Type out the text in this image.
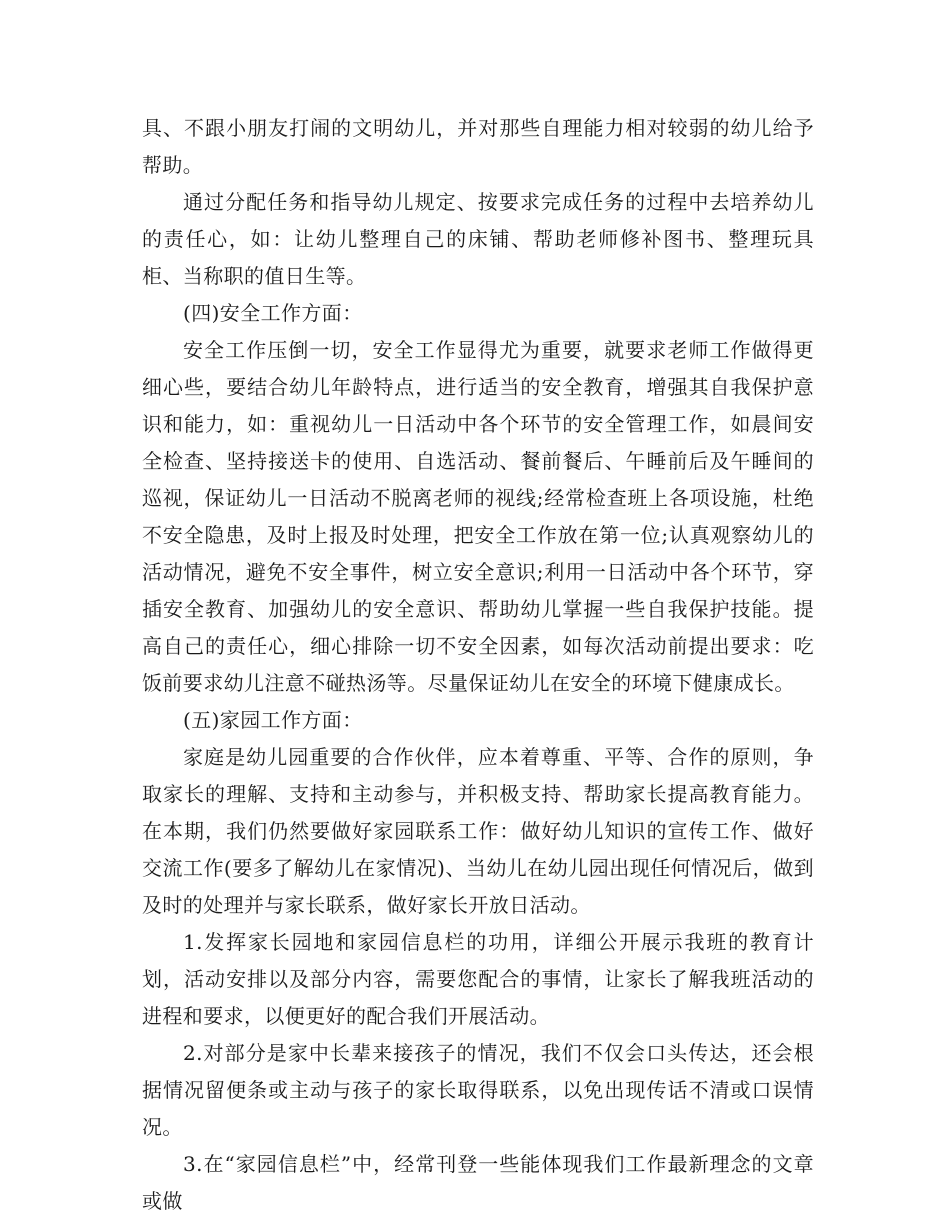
具、不跟小朋友打闹的文明幼儿，并对那些自理能力相对较弱的幼儿给予帮助。

通过分配任务和指导幼儿规定、按要求完成任务的过程中去培养幼儿的责任心，如：让幼儿整理自己的床铺、帮助老师修补图书、整理玩具柜、当称职的值日生等。

(四)安全工作方面：

安全工作压倒一切，安全工作显得尤为重要，就要求老师工作做得更细心些，要结合幼儿年龄特点，进行适当的安全教育，增强其自我保护意识和能力，如：重视幼儿一日活动中各个环节的安全管理工作，如晨间安全检查、坚持接送卡的使用、自选活动、餐前餐后、午睡前后及午睡间的巡视，保证幼儿一日活动不脱离老师的视线;经常检查班上各项设施，杜绝不安全隐患，及时上报及时处理，把安全工作放在第一位;认真观察幼儿的活动情况，避免不安全事件，树立安全意识;利用一日活动中各个环节，穿插安全教育、加强幼儿的安全意识、帮助幼儿掌握一些自我保护技能。提高自己的责任心，细心排除一切不安全因素，如每次活动前提出要求：吃饭前要求幼儿注意不碰热汤等。尽量保证幼儿在安全的环境下健康成长。

(五)家园工作方面：

家庭是幼儿园重要的合作伙伴，应本着尊重、平等、合作的原则，争取家长的理解、支持和主动参与，并积极支持、帮助家长提高教育能力。在本期，我们仍然要做好家园联系工作：做好幼儿知识的宣传工作、做好交流工作(要多了解幼儿在家情况)、当幼儿在幼儿园出现任何情况后，做到及时的处理并与家长联系，做好家长开放日活动。

1.发挥家长园地和家园信息栏的功用，详细公开展示我班的教育计划，活动安排以及部分内容，需要您配合的事情，让家长了解我班活动的进程和要求，以便更好的配合我们开展活动。

2.对部分是家中长辈来接孩子的情况，我们不仅会口头传达，还会根据情况留便条或主动与孩子的家长取得联系，以免出现传话不清或口误情况。

3.在“家园信息栏”中，经常刊登一些能体现我们工作最新理念的文章或做
